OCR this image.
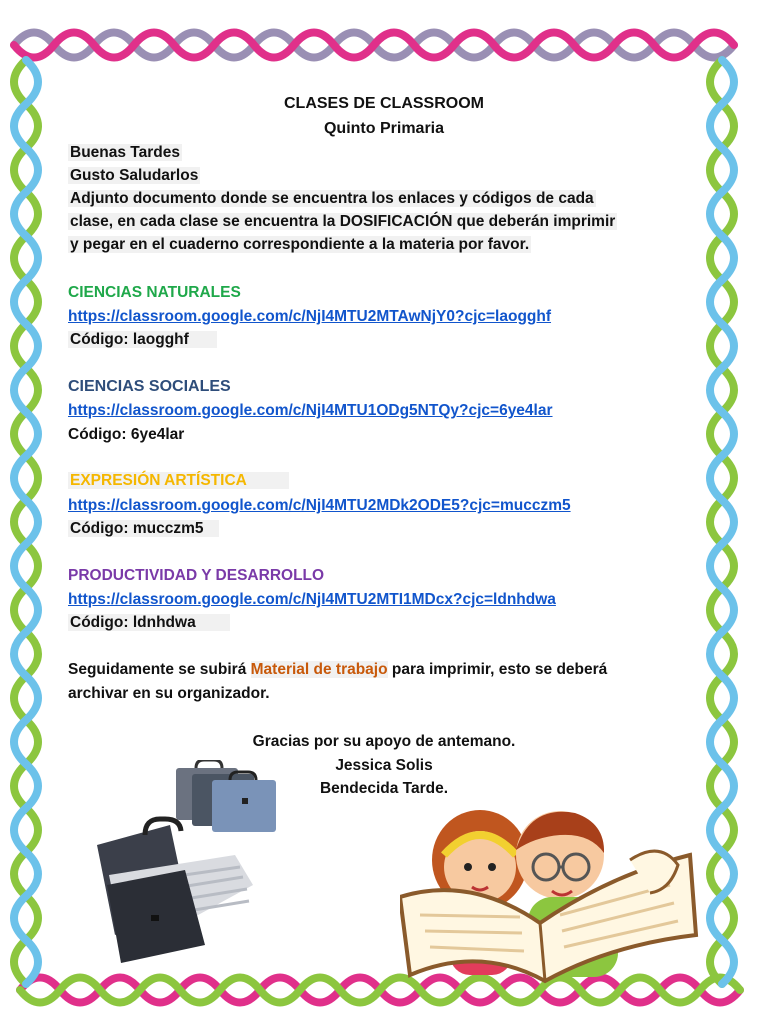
CLASES DE CLASSROOM
Quinto Primaria
Buenas Tardes
Gusto Saludarlos
Adjunto documento donde se encuentra los enlaces y códigos de cada
clase, en cada clase se encuentra la DOSIFICACIÓN que deberán imprimir
y pegar en el cuaderno correspondiente a la materia por favor.
CIENCIAS NATURALES
https://classroom.google.com/c/NjI4MTU2MTAwNjY0?cjc=laogghf
Código: laogghf
CIENCIAS SOCIALES
https://classroom.google.com/c/NjI4MTU1ODg5NTQy?cjc=6ye4lar
Código: 6ye4lar
EXPRESIÓN ARTÍSTICA
https://classroom.google.com/c/NjI4MTU2MDk2ODE5?cjc=mucczm5
Código: mucczm5
PRODUCTIVIDAD Y DESARROLLO
https://classroom.google.com/c/NjI4MTU2MTI1MDcx?cjc=ldnhdwa
Código: ldnhdwa
Seguidamente se subirá Material de trabajo para imprimir, esto se deberá
archivar en su organizador.
Gracias por su apoyo de antemano.
Jessica Solis
Bendecida Tarde.
